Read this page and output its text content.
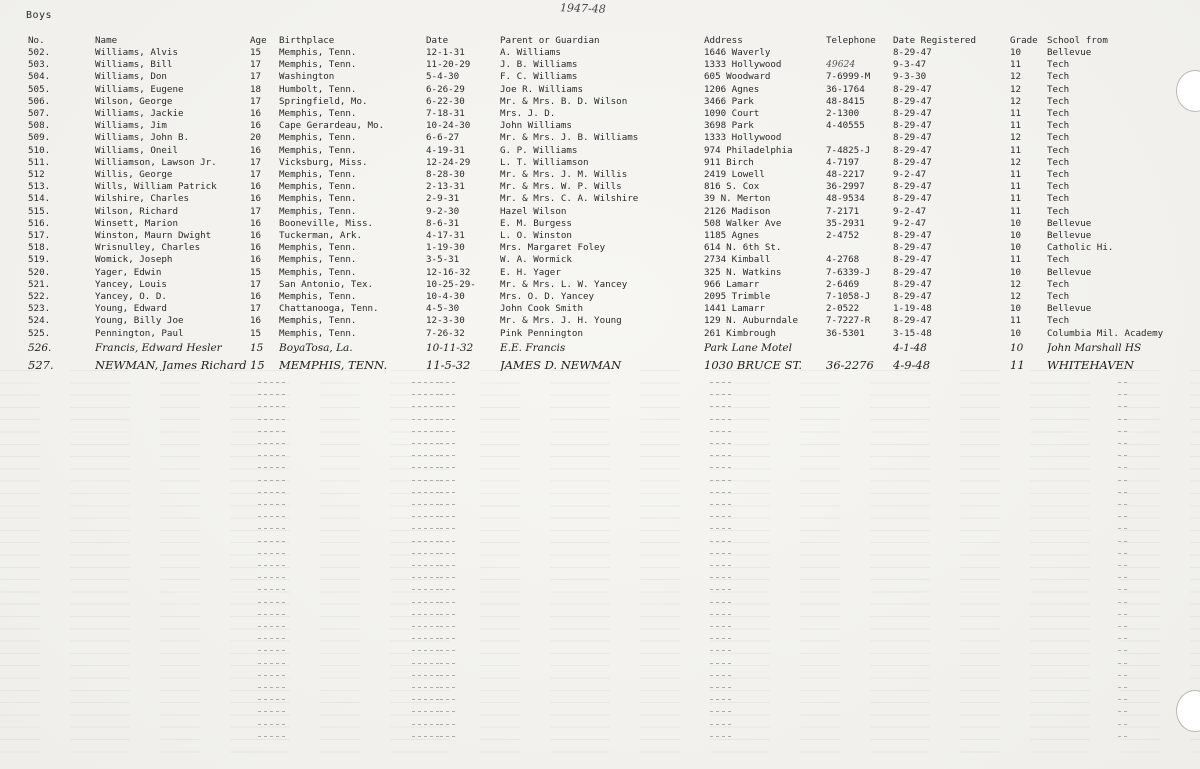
Boys	1947-48
No.	Name	Age	Birthplace	Date	Parent or Guardian	Address	Telephone	Date Registered	Grade	School from
502.	Williams, Alvis	15	Memphis, Tenn.	12-1-31	A. Williams	1646 Waverly		8-29-47	10	Bellevue
503.	Williams, Bill	17	Memphis, Tenn.	11-20-29	J. B. Williams	1333 Hollywood	49624	9-3-47	11	Tech
504.	Williams, Don	17	Washington	5-4-30	F. C. Williams	605 Woodward	7-6999-M	9-3-30	12	Tech
505.	Williams, Eugene	18	Humbolt, Tenn.	6-26-29	Joe R. Williams	1206 Agnes	36-1764	8-29-47	12	Tech
506.	Wilson, George	17	Springfield, Mo.	6-22-30	Mr. & Mrs. B. D. Wilson	3466 Park	48-8415	8-29-47	12	Tech
507.	Williams, Jackie	16	Memphis, Tenn.	7-18-31	Mrs. J. D.	1090 Court	2-1300	8-29-47	11	Tech
508.	Williams, Jim	16	Cape Gerardeau, Mo.	10-24-30	John Williams	3698 Park	4-40555	8-29-47	11	Tech
509.	Williams, John B.	20	Memphis, Tenn.	6-6-27	Mr. & Mrs. J. B. Williams	1333 Hollywood		8-29-47	12	Tech
510.	Williams, Oneil	16	Memphis, Tenn.	4-19-31	G. P. Williams	974 Philadelphia	7-4825-J	8-29-47	11	Tech
511.	Williamson, Lawson Jr.	17	Vicksburg, Miss.	12-24-29	L. T. Williamson	911 Birch	4-7197	8-29-47	12	Tech
512	Willis, George	17	Memphis, Tenn.	8-28-30	Mr. & Mrs. J. M. Willis	2419 Lowell	48-2217	9-2-47	11	Tech
513.	Wills, William Patrick	16	Memphis, Tenn.	2-13-31	Mr. & Mrs. W. P. Wills	816 S. Cox	36-2997	8-29-47	11	Tech
514.	Wilshire, Charles	16	Memphis, Tenn.	2-9-31	Mr. & Mrs. C. A. Wilshire	39 N. Merton	48-9534	8-29-47	11	Tech
515.	Wilson, Richard	17	Memphis, Tenn.	9-2-30	Hazel Wilson	2126 Madison	7-2171	9-2-47	11	Tech
516.	Winsett, Marion	16	Booneville, Miss.	8-6-31	E. M. Burgess	508 Walker Ave	35-2931	9-2-47	10	Bellevue
517.	Winston, Maurn Dwight	16	Tuckerman, Ark.	4-17-31	L. O. Winston	1185 Agnes	2-4752	8-29-47	10	Bellevue
518.	Wrisnulley, Charles	16	Memphis, Tenn.	1-19-30	Mrs. Margaret Foley	614 N. 6th St.		8-29-47	10	Catholic Hi.
519.	Womick, Joseph	16	Memphis, Tenn.	3-5-31	W. A. Wormick	2734 Kimball	4-2768	8-29-47	11	Tech
520.	Yager, Edwin	15	Memphis, Tenn.	12-16-32	E. H. Yager	325 N. Watkins	7-6339-J	8-29-47	10	Bellevue
521.	Yancey, Louis	17	San Antonio, Tex.	10-25-29-	Mr. & Mrs. L. W. Yancey	966 Lamarr	2-6469	8-29-47	12	Tech
522.	Yancey, O. D.	16	Memphis, Tenn.	10-4-30	Mrs. O. D. Yancey	2095 Trimble	7-1058-J	8-29-47	12	Tech
523.	Young, Edward	17	Chattanooga, Tenn.	4-5-30	John Cook Smith	1441 Lamarr	2-0522	1-19-48	10	Bellevue
524.	Young, Billy Joe	16	Memphis, Tenn.	12-3-30	Mr. & Mrs. J. H. Young	129 N. Auburndale	7-7227-R	8-29-47	11	Tech
525.	Pennington, Paul	15	Memphis, Tenn.	7-26-32	Pink Pennington	261 Kimbrough	36-5301	3-15-48	10	Columbia Mil. Academy
526.	Francis, Edward Hesler	15	BoyaTosa, La.	10-11-32	E.E. Francis	Park Lane Motel		4-1-48	10	John Marshall HS
527.	NEWMAN, James Richard	15	MEMPHIS, TENN.	11-5-32	JAMES D. NEWMAN	1030 BRUCE ST.	36-2276	4-9-48	11	WHITEHAVEN
